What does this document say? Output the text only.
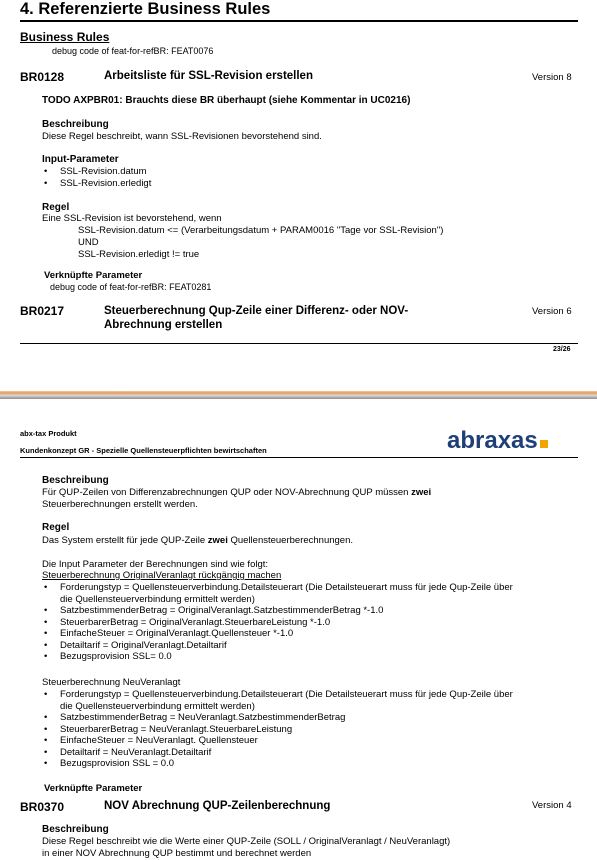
4. Referenzierte Business Rules
Business Rules
debug code of feat-for-refBR: FEAT0076
BR0128	Arbeitsliste für SSL-Revision erstellen	Version 8
TODO AXPBR01: Brauchts diese BR überhaupt (siehe Kommentar in UC0216)
Beschreibung
Diese Regel beschreibt, wann SSL-Revisionen bevorstehend sind.
Input-Parameter
• SSL-Revision.datum
• SSL-Revision.erledigt
Regel
Eine SSL-Revision ist bevorstehend, wenn
SSL-Revision.datum <= (Verarbeitungsdatum + PARAM0016 "Tage vor SSL-Revision")
UND
SSL-Revision.erledigt != true
Verknüpfte Parameter
debug code of feat-for-refBR: FEAT0281
BR0217	Steuerberechnung Qup-Zeile einer Differenz- oder NOV-
Abrechnung erstellen
Version 6
23/26
abx-tax Produkt
Kundenkonzept GR - Spezielle Quellensteuerpflichten bewirtschaften	abraxas
Beschreibung
Für QUP-Zeilen von Differenzabrechnungen QUP oder NOV-Abrechnung QUP müssen zwei
Steuerberechnungen erstellt werden.
Regel
Das System erstellt für jede QUP-Zeile zwei Quellensteuerberechnungen.
Die Input Parameter der Berechnungen sind wie folgt:
Steuerberechnung OriginalVeranlagt rückgängig machen
• Forderungstyp = Quellensteuerverbindung.Detailsteuerart (Die Detailsteuerart muss für jede Qup-Zeile über die Quellensteuerverbindung ermittelt werden)
• SatzbestimmenderBetrag = OriginalVeranlagt.SatzbestimmenderBetrag *-1.0
• SteuerbarerBetrag = OriginalVeranlagt.SteuerbareLeistung *-1.0
• EinfacheSteuer = OriginalVeranlagt.Quellensteuer *-1.0
• Detailtarif = OriginalVeranlagt.Detailtarif
• Bezugsprovision SSL= 0.0
Steuerberechnung NeuVeranlagt
• Forderungstyp = Quellensteuerverbindung.Detailsteuerart (Die Detailsteuerart muss für jede Qup-Zeile über die Quellensteuerverbindung ermittelt werden)
• SatzbestimmenderBetrag = NeuVeranlagt.SatzbestimmenderBetrag
• SteuerbarerBetrag = NeuVeranlagt.SteuerbareLeistung
• EinfacheSteuer = NeuVeranlagt. Quellensteuer
• Detailtarif = NeuVeranlagt.Detailtarif
• Bezugsprovision SSL = 0.0
Verknüpfte Parameter
BR0370	NOV Abrechnung QUP-Zeilenberechnung	Version 4
Beschreibung
Diese Regel beschreibt wie die Werte einer QUP-Zeile (SOLL / OriginalVeranlagt / NeuVeranlagt)
in einer NOV Abrechnung QUP bestimmt und berechnet werden
